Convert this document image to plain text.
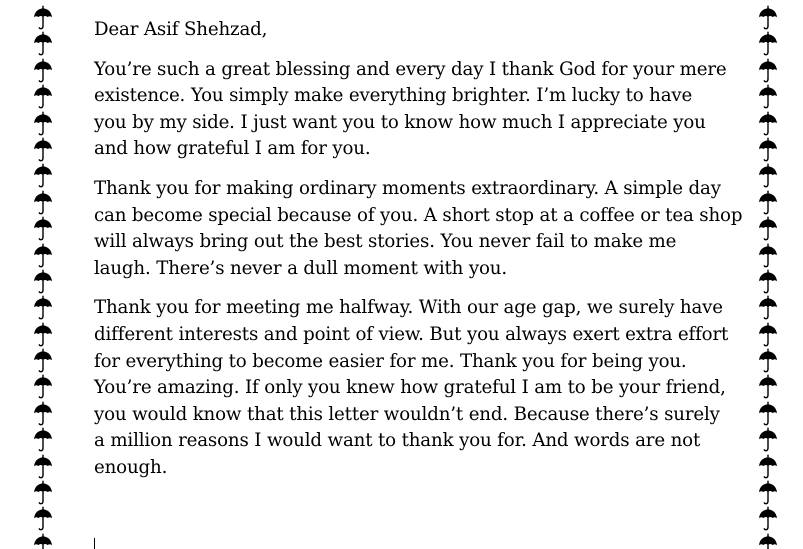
Dear Asif Shehzad,

You’re such a great blessing and every day I thank God for your mere
existence. You simply make everything brighter. I’m lucky to have
you by my side. I just want you to know how much I appreciate you
and how grateful I am for you.

Thank you for making ordinary moments extraordinary. A simple day
can become special because of you. A short stop at a coffee or tea shop
will always bring out the best stories. You never fail to make me
laugh. There’s never a dull moment with you.

Thank you for meeting me halfway. With our age gap, we surely have
different interests and point of view. But you always exert extra effort
for everything to become easier for me. Thank you for being you.
You’re amazing. If only you knew how grateful I am to be your friend,
you would know that this letter wouldn’t end. Because there’s surely
a million reasons I would want to thank you for. And words are not
enough.
